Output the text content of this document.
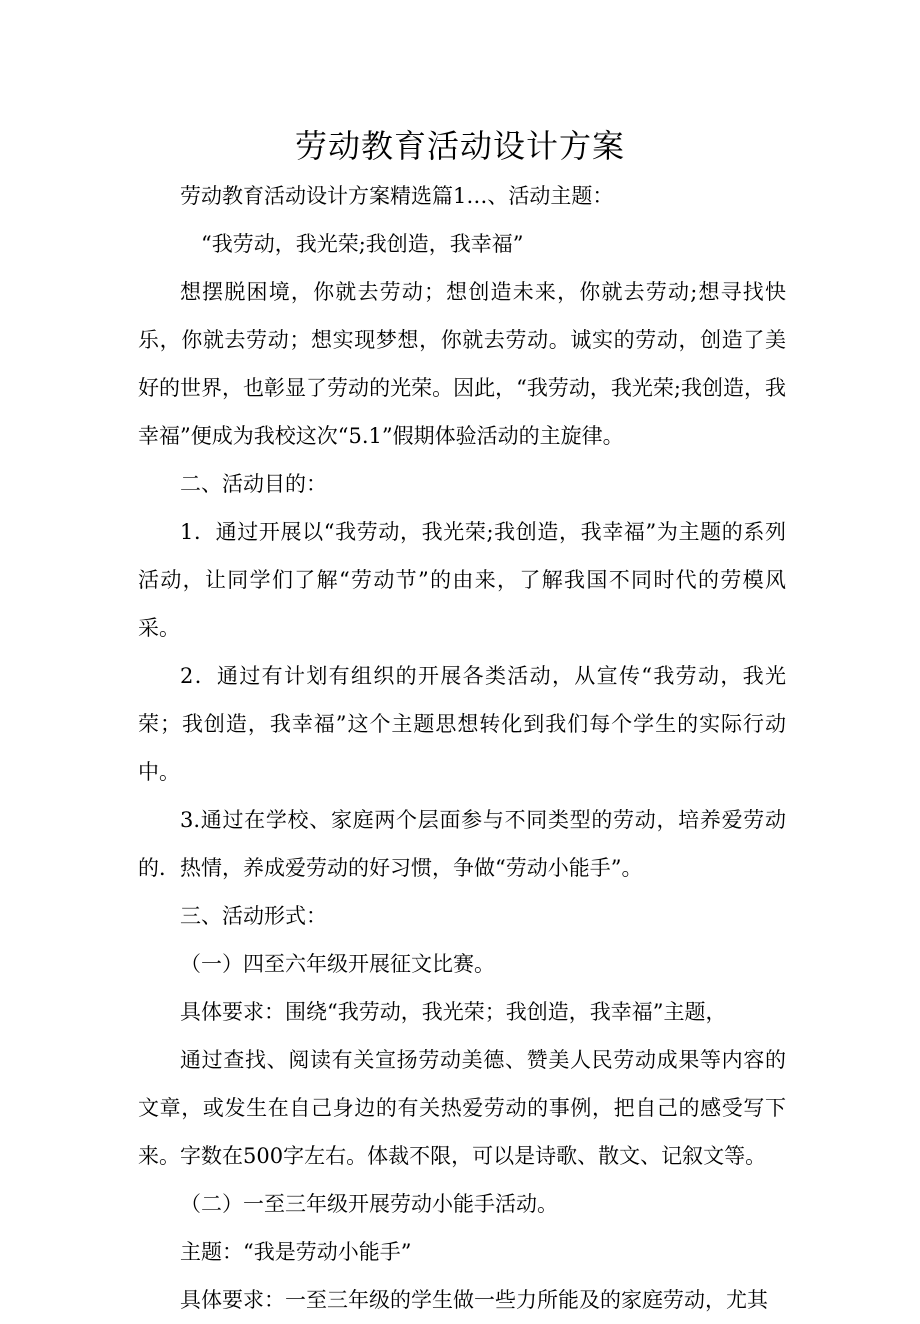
劳动教育活动设计方案

劳动教育活动设计方案精选篇1…、活动主题：

“我劳动，我光荣;我创造，我幸福”

想摆脱困境，你就去劳动；想创造未来，你就去劳动;想寻找快乐，你就去劳动；想实现梦想，你就去劳动。诚实的劳动，创造了美好的世界，也彰显了劳动的光荣。因此，“我劳动，我光荣;我创造，我幸福”便成为我校这次“5.1”假期体验活动的主旋律。

二、活动目的：

1．通过开展以“我劳动，我光荣;我创造，我幸福”为主题的系列活动，让同学们了解“劳动节”的由来，了解我国不同时代的劳模风采。

2．通过有计划有组织的开展各类活动，从宣传“我劳动，我光荣；我创造，我幸福”这个主题思想转化到我们每个学生的实际行动中。

3.通过在学校、家庭两个层面参与不同类型的劳动，培养爱劳动的．热情，养成爱劳动的好习惯，争做“劳动小能手”。

三、活动形式：

（一）四至六年级开展征文比赛。

具体要求：围绕“我劳动，我光荣；我创造，我幸福”主题，

通过查找、阅读有关宣扬劳动美德、赞美人民劳动成果等内容的文章，或发生在自己身边的有关热爱劳动的事例，把自己的感受写下来。字数在500字左右。体裁不限，可以是诗歌、散文、记叙文等。

（二）一至三年级开展劳动小能手活动。

主题：“我是劳动小能手”

具体要求：一至三年级的学生做一些力所能及的家庭劳动，尤其
